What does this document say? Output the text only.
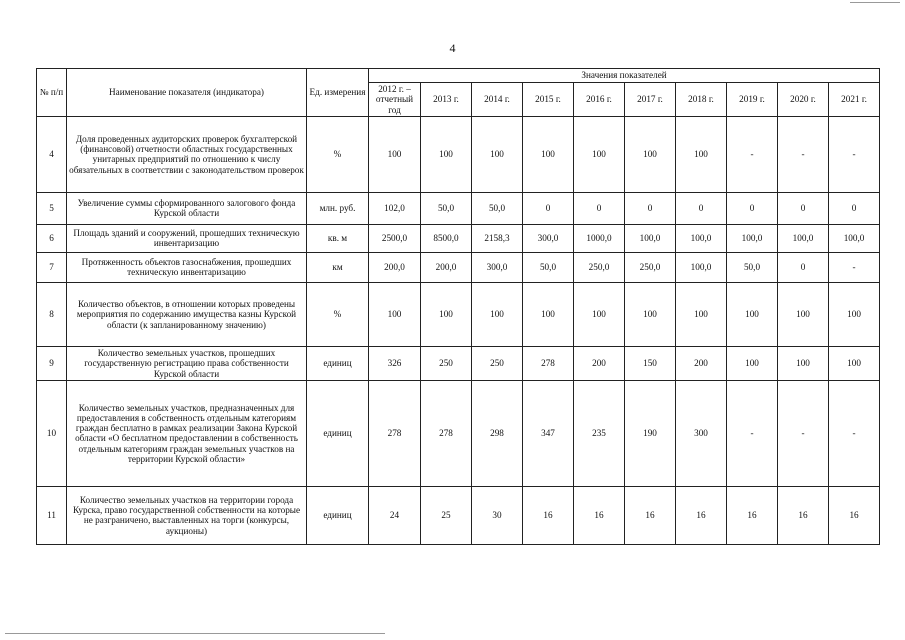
4
№ п/п	Наименование показателя (индикатора)	Ед. измерения	Значения показателей									
			2012 г. – отчетный год	2013 г.	2014 г.	2015 г.	2016 г.	2017 г.	2018 г.	2019 г.	2020 г.	2021 г.
4	Доля проведенных аудиторских проверок бухгалтерской (финансовой) отчетности областных государственных унитарных предприятий по отношению к числу обязательных в соответствии с законодательством проверок	%	100	100	100	100	100	100	100	-	-	-
5	Увеличение суммы сформированного залогового фонда Курской области	млн. руб.	102,0	50,0	50,0	0	0	0	0	0	0	0
6	Площадь зданий и сооружений, прошедших техническую инвентаризацию	кв. м	2500,0	8500,0	2158,3	300,0	1000,0	100,0	100,0	100,0	100,0	100,0
7	Протяженность объектов газоснабжения, прошедших техническую инвентаризацию	км	200,0	200,0	300,0	50,0	250,0	250,0	100,0	50,0	0	-
8	Количество объектов, в отношении которых проведены мероприятия по содержанию имущества казны Курской области (к запланированному значению)	%	100	100	100	100	100	100	100	100	100	100
9	Количество земельных участков, прошедших государственную регистрацию права собственности Курской области	единиц	326	250	250	278	200	150	200	100	100	100
10	Количество земельных участков, предназначенных для предоставления в собственность отдельным категориям граждан бесплатно в рамках реализации Закона Курской области «О бесплатном предоставлении в собственность отдельным категориям граждан земельных участков на территории Курской области»	единиц	278	278	298	347	235	190	300	-	-	-
11	Количество земельных участков на территории города Курска, право государственной собственности на которые не разграничено, выставленных на торги (конкурсы, аукционы)	единиц	24	25	30	16	16	16	16	16	16	16
